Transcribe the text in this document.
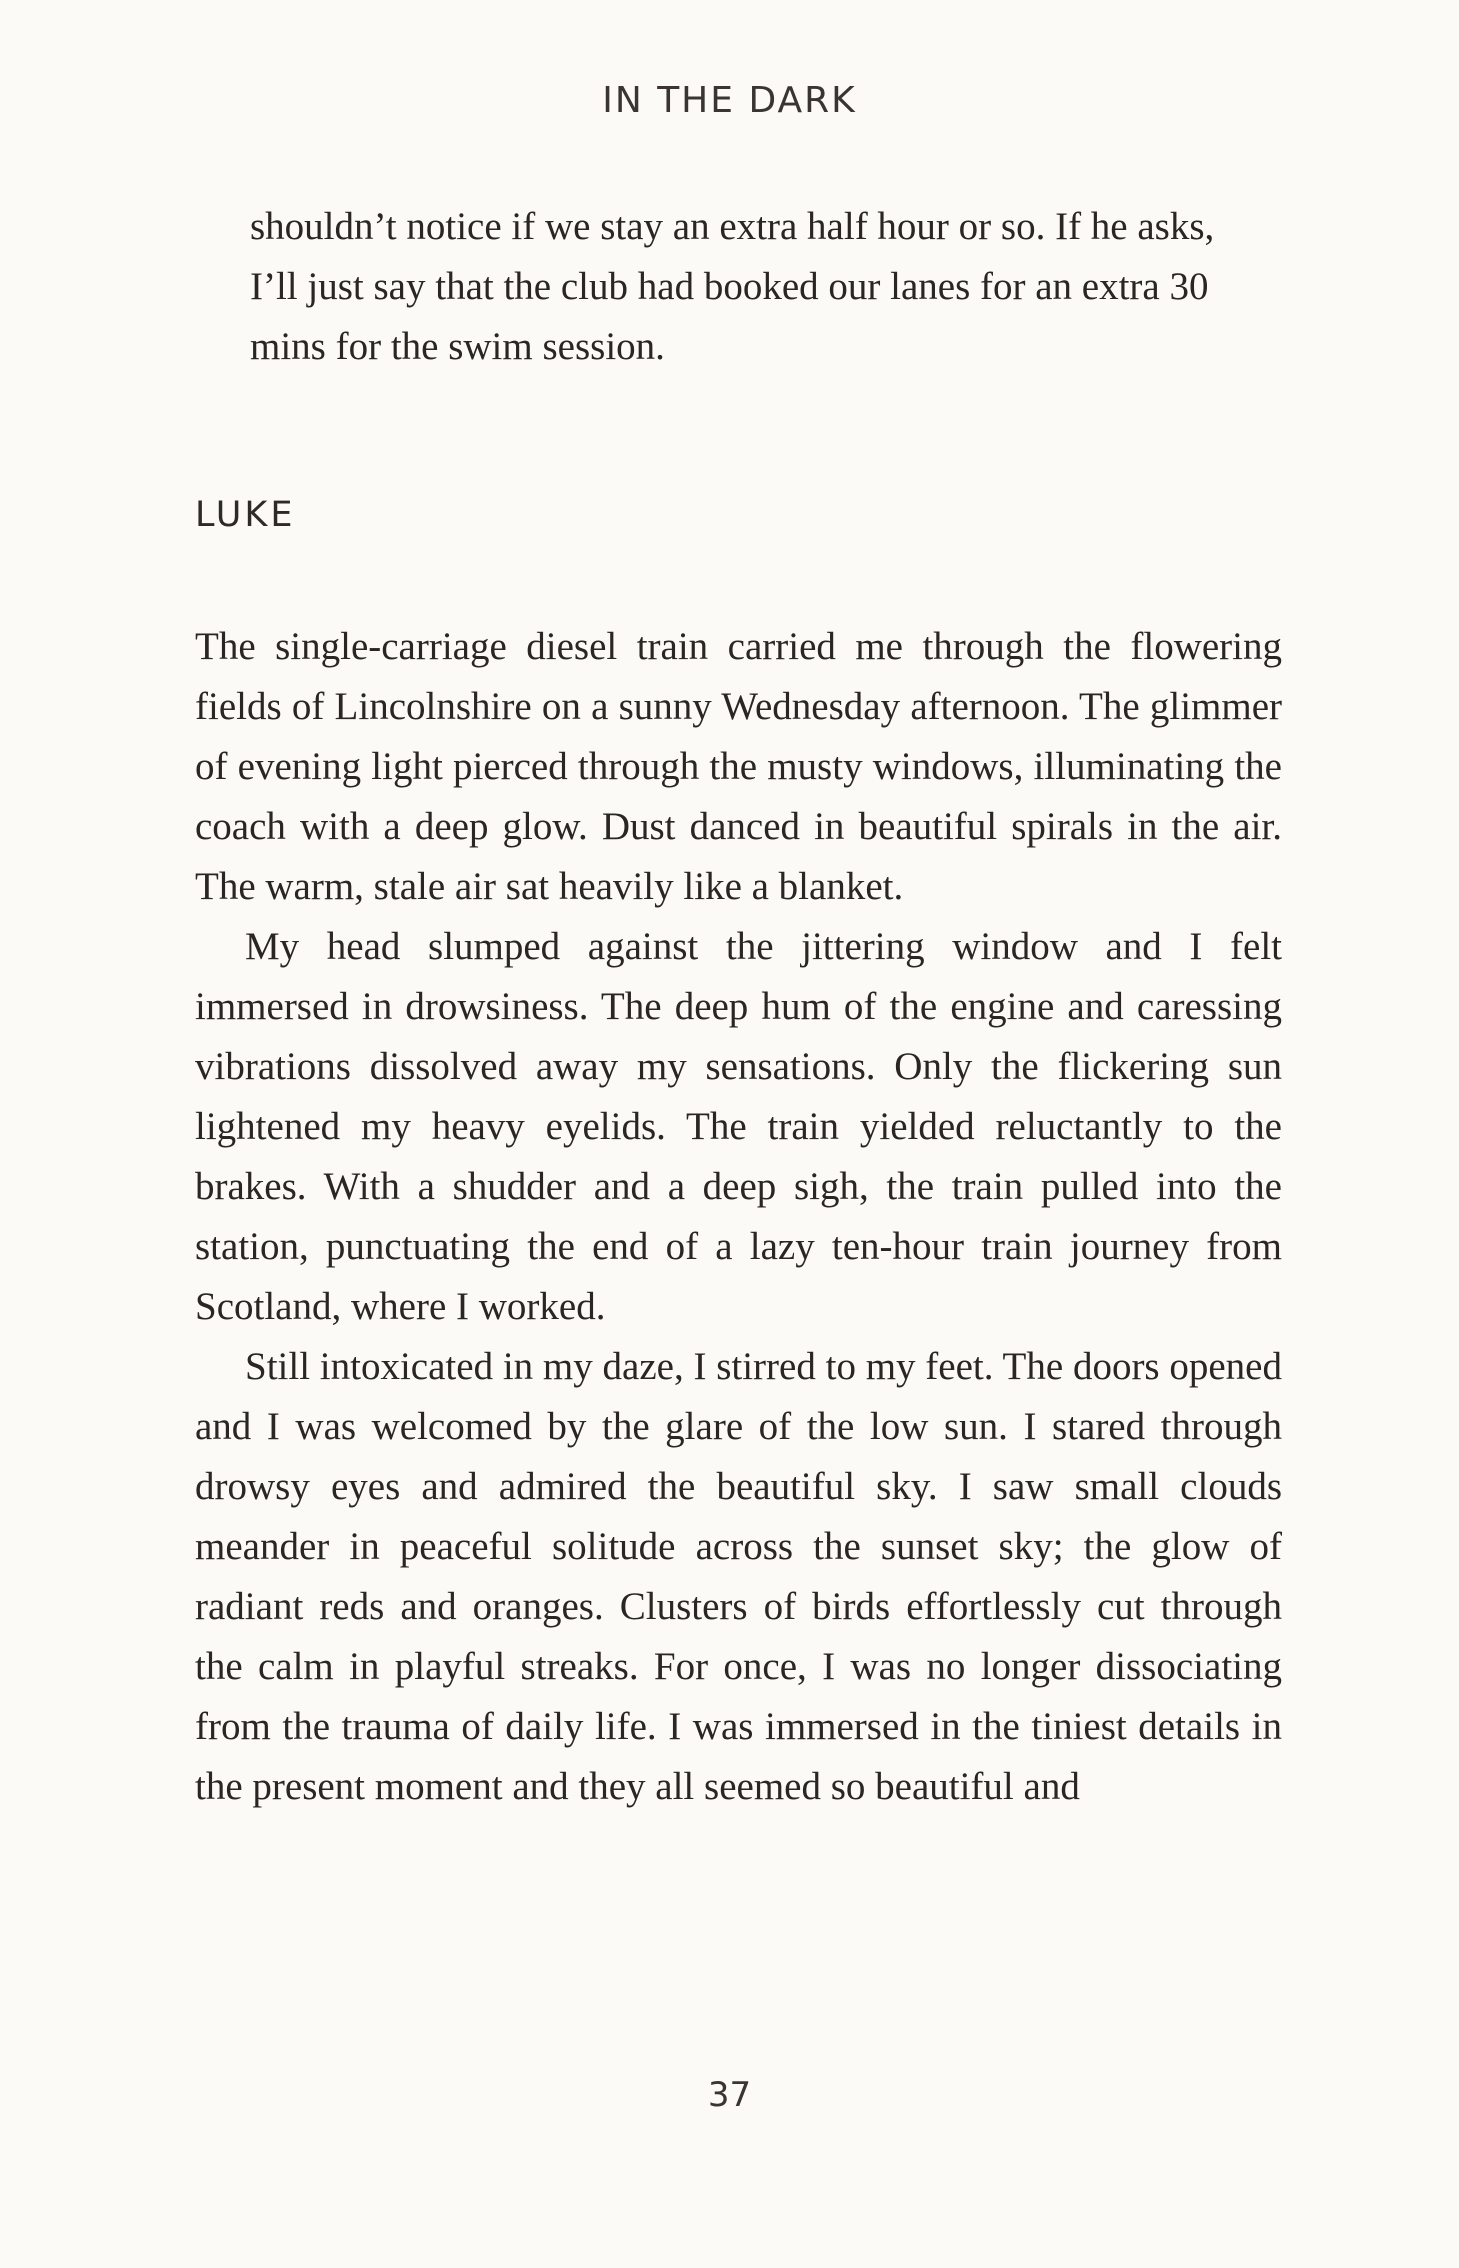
IN THE DARK

shouldn’t notice if we stay an extra half hour or so. If he asks, I’ll just say that the club had booked our lanes for an extra 30 mins for the swim session.

LUKE

The single-carriage diesel train carried me through the flowering fields of Lincolnshire on a sunny Wednesday afternoon. The glimmer of evening light pierced through the musty windows, illuminating the coach with a deep glow. Dust danced in beautiful spirals in the air. The warm, stale air sat heavily like a blanket.

My head slumped against the jittering window and I felt immersed in drowsiness. The deep hum of the engine and caressing vibrations dissolved away my sensations. Only the flickering sun lightened my heavy eyelids. The train yielded reluctantly to the brakes. With a shudder and a deep sigh, the train pulled into the station, punctuating the end of a lazy ten-hour train journey from Scotland, where I worked.

Still intoxicated in my daze, I stirred to my feet. The doors opened and I was welcomed by the glare of the low sun. I stared through drowsy eyes and admired the beautiful sky. I saw small clouds meander in peaceful solitude across the sunset sky; the glow of radiant reds and oranges. Clusters of birds effortlessly cut through the calm in playful streaks. For once, I was no longer dissociating from the trauma of daily life. I was immersed in the tiniest details in the present moment and they all seemed so beautiful and

37
